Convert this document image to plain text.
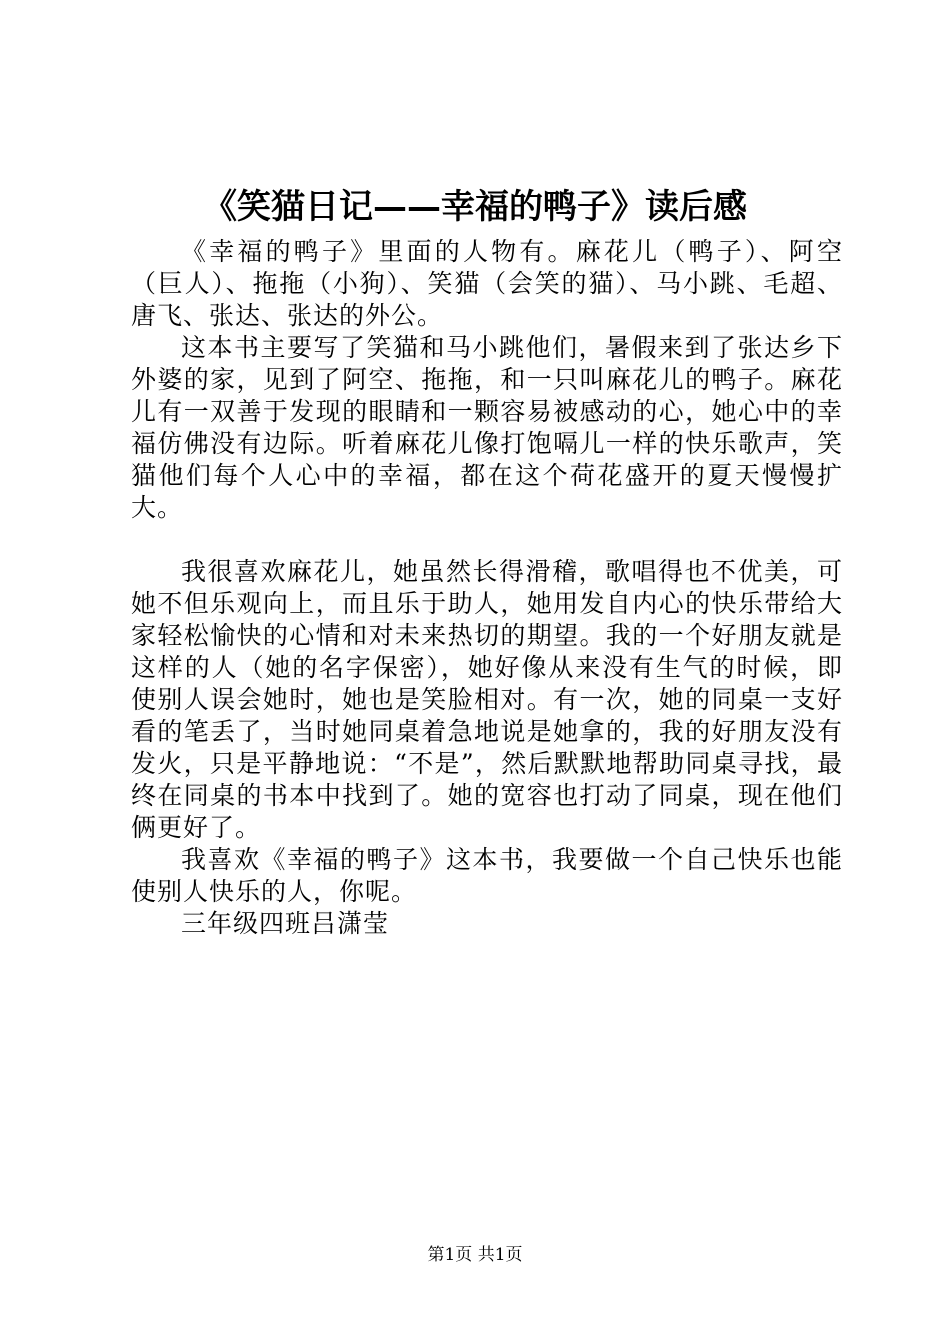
《笑猫日记——幸福的鸭子》读后感

《幸福的鸭子》里面的人物有。麻花儿（鸭子）、阿空（巨人）、拖拖（小狗）、笑猫（会笑的猫）、马小跳、毛超、唐飞、张达、张达的外公。

这本书主要写了笑猫和马小跳他们，暑假来到了张达乡下外婆的家，见到了阿空、拖拖，和一只叫麻花儿的鸭子。麻花儿有一双善于发现的眼睛和一颗容易被感动的心，她心中的幸福仿佛没有边际。听着麻花儿像打饱嗝儿一样的快乐歌声，笑猫他们每个人心中的幸福，都在这个荷花盛开的夏天慢慢扩大。

我很喜欢麻花儿，她虽然长得滑稽，歌唱得也不优美，可她不但乐观向上，而且乐于助人，她用发自内心的快乐带给大家轻松愉快的心情和对未来热切的期望。我的一个好朋友就是这样的人（她的名字保密），她好像从来没有生气的时候，即使别人误会她时，她也是笑脸相对。有一次，她的同桌一支好看的笔丢了，当时她同桌着急地说是她拿的，我的好朋友没有发火，只是平静地说：“不是”，然后默默地帮助同桌寻找，最终在同桌的书本中找到了。她的宽容也打动了同桌，现在他们俩更好了。

我喜欢《幸福的鸭子》这本书，我要做一个自己快乐也能使别人快乐的人，你呢。

三年级四班吕潇莹

第1页 共1页
